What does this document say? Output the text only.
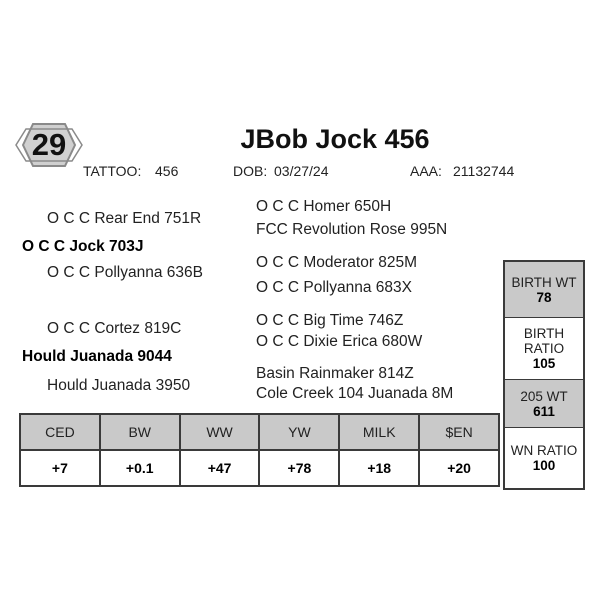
29	JBob Jock 456
TATTOO: 456	DOB: 03/27/24	AAA: 21132744
O C C Rear End 751R
O C C Jock 703J
O C C Pollyanna 636B
O C C Cortez 819C
Hould Juanada 9044
Hould Juanada 3950
O C C Homer 650H
FCC Revolution Rose 995N
O C C Moderator 825M
O C C Pollyanna 683X
O C C Big Time 746Z
O C C Dixie Erica 680W
Basin Rainmaker 814Z
Cole Creek 104 Juanada 8M
BIRTH WT
78
BIRTH
RATIO
105
205 WT
611
WN RATIO
100
CED	BW	WW	YW	MILK	$EN
+7	+0.1	+47	+78	+18	+20
